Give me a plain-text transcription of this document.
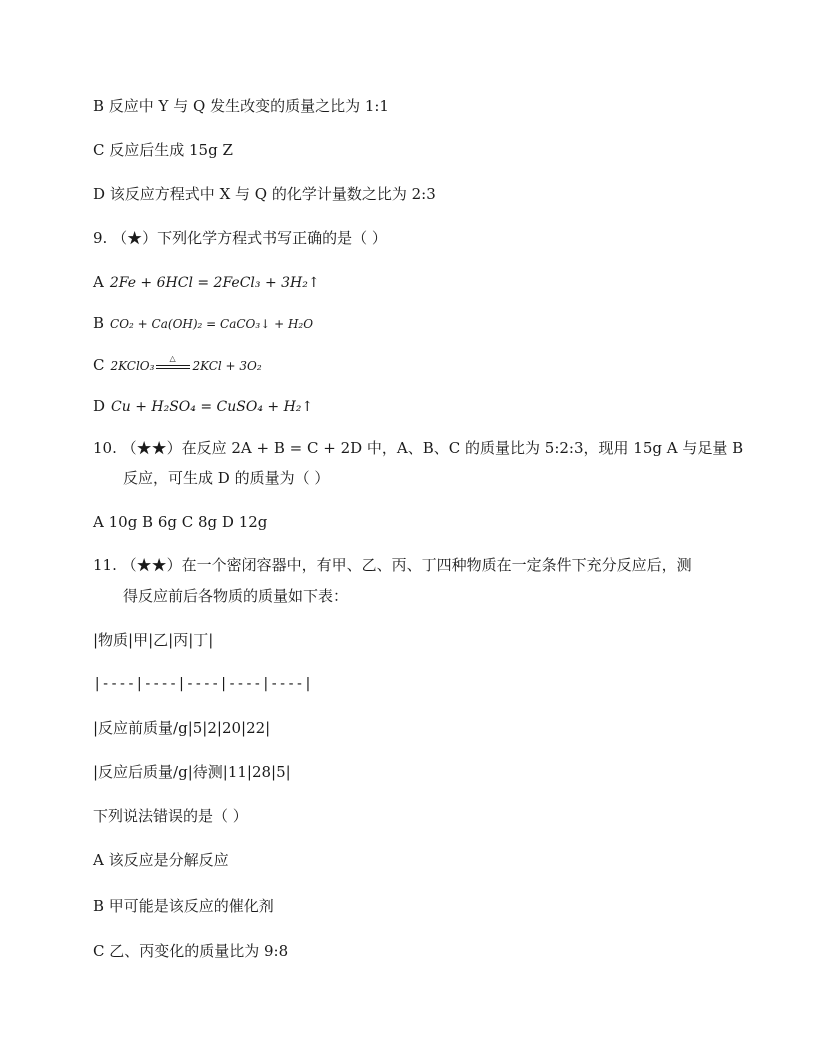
B 反应中 Y 与 Q 发生改变的质量之比为 1:1
C 反应后生成 15g Z
D 该反应方程式中 X 与 Q 的化学计量数之比为 2:3
9. （★）下列化学方程式书写正确的是（ ）
A 2Fe + 6HCl = 2FeCl₃ + 3H₂↑
B CO₂ + Ca(OH)₂ = CaCO₃↓ + H₂O
C 2KClO₃
△
2KCl + 3O₂
D Cu + H₂SO₄ = CuSO₄ + H₂↑
10. （★★）在反应 2A + B = C + 2D 中，A、B、C 的质量比为 5:2:3，现用 15g A 与足量 B
反应，可生成 D 的质量为（ ）
A 10g B 6g C 8g D 12g
11. （★★）在一个密闭容器中，有甲、乙、丙、丁四种物质在一定条件下充分反应后，测
得反应前后各物质的质量如下表：
|物质|甲|乙|丙|丁|
|----|----|----|----|----|
|反应前质量/g|5|2|20|22|
|反应后质量/g|待测|11|28|5|
下列说法错误的是（ ）
A 该反应是分解反应
B 甲可能是该反应的催化剂
C 乙、丙变化的质量比为 9:8
